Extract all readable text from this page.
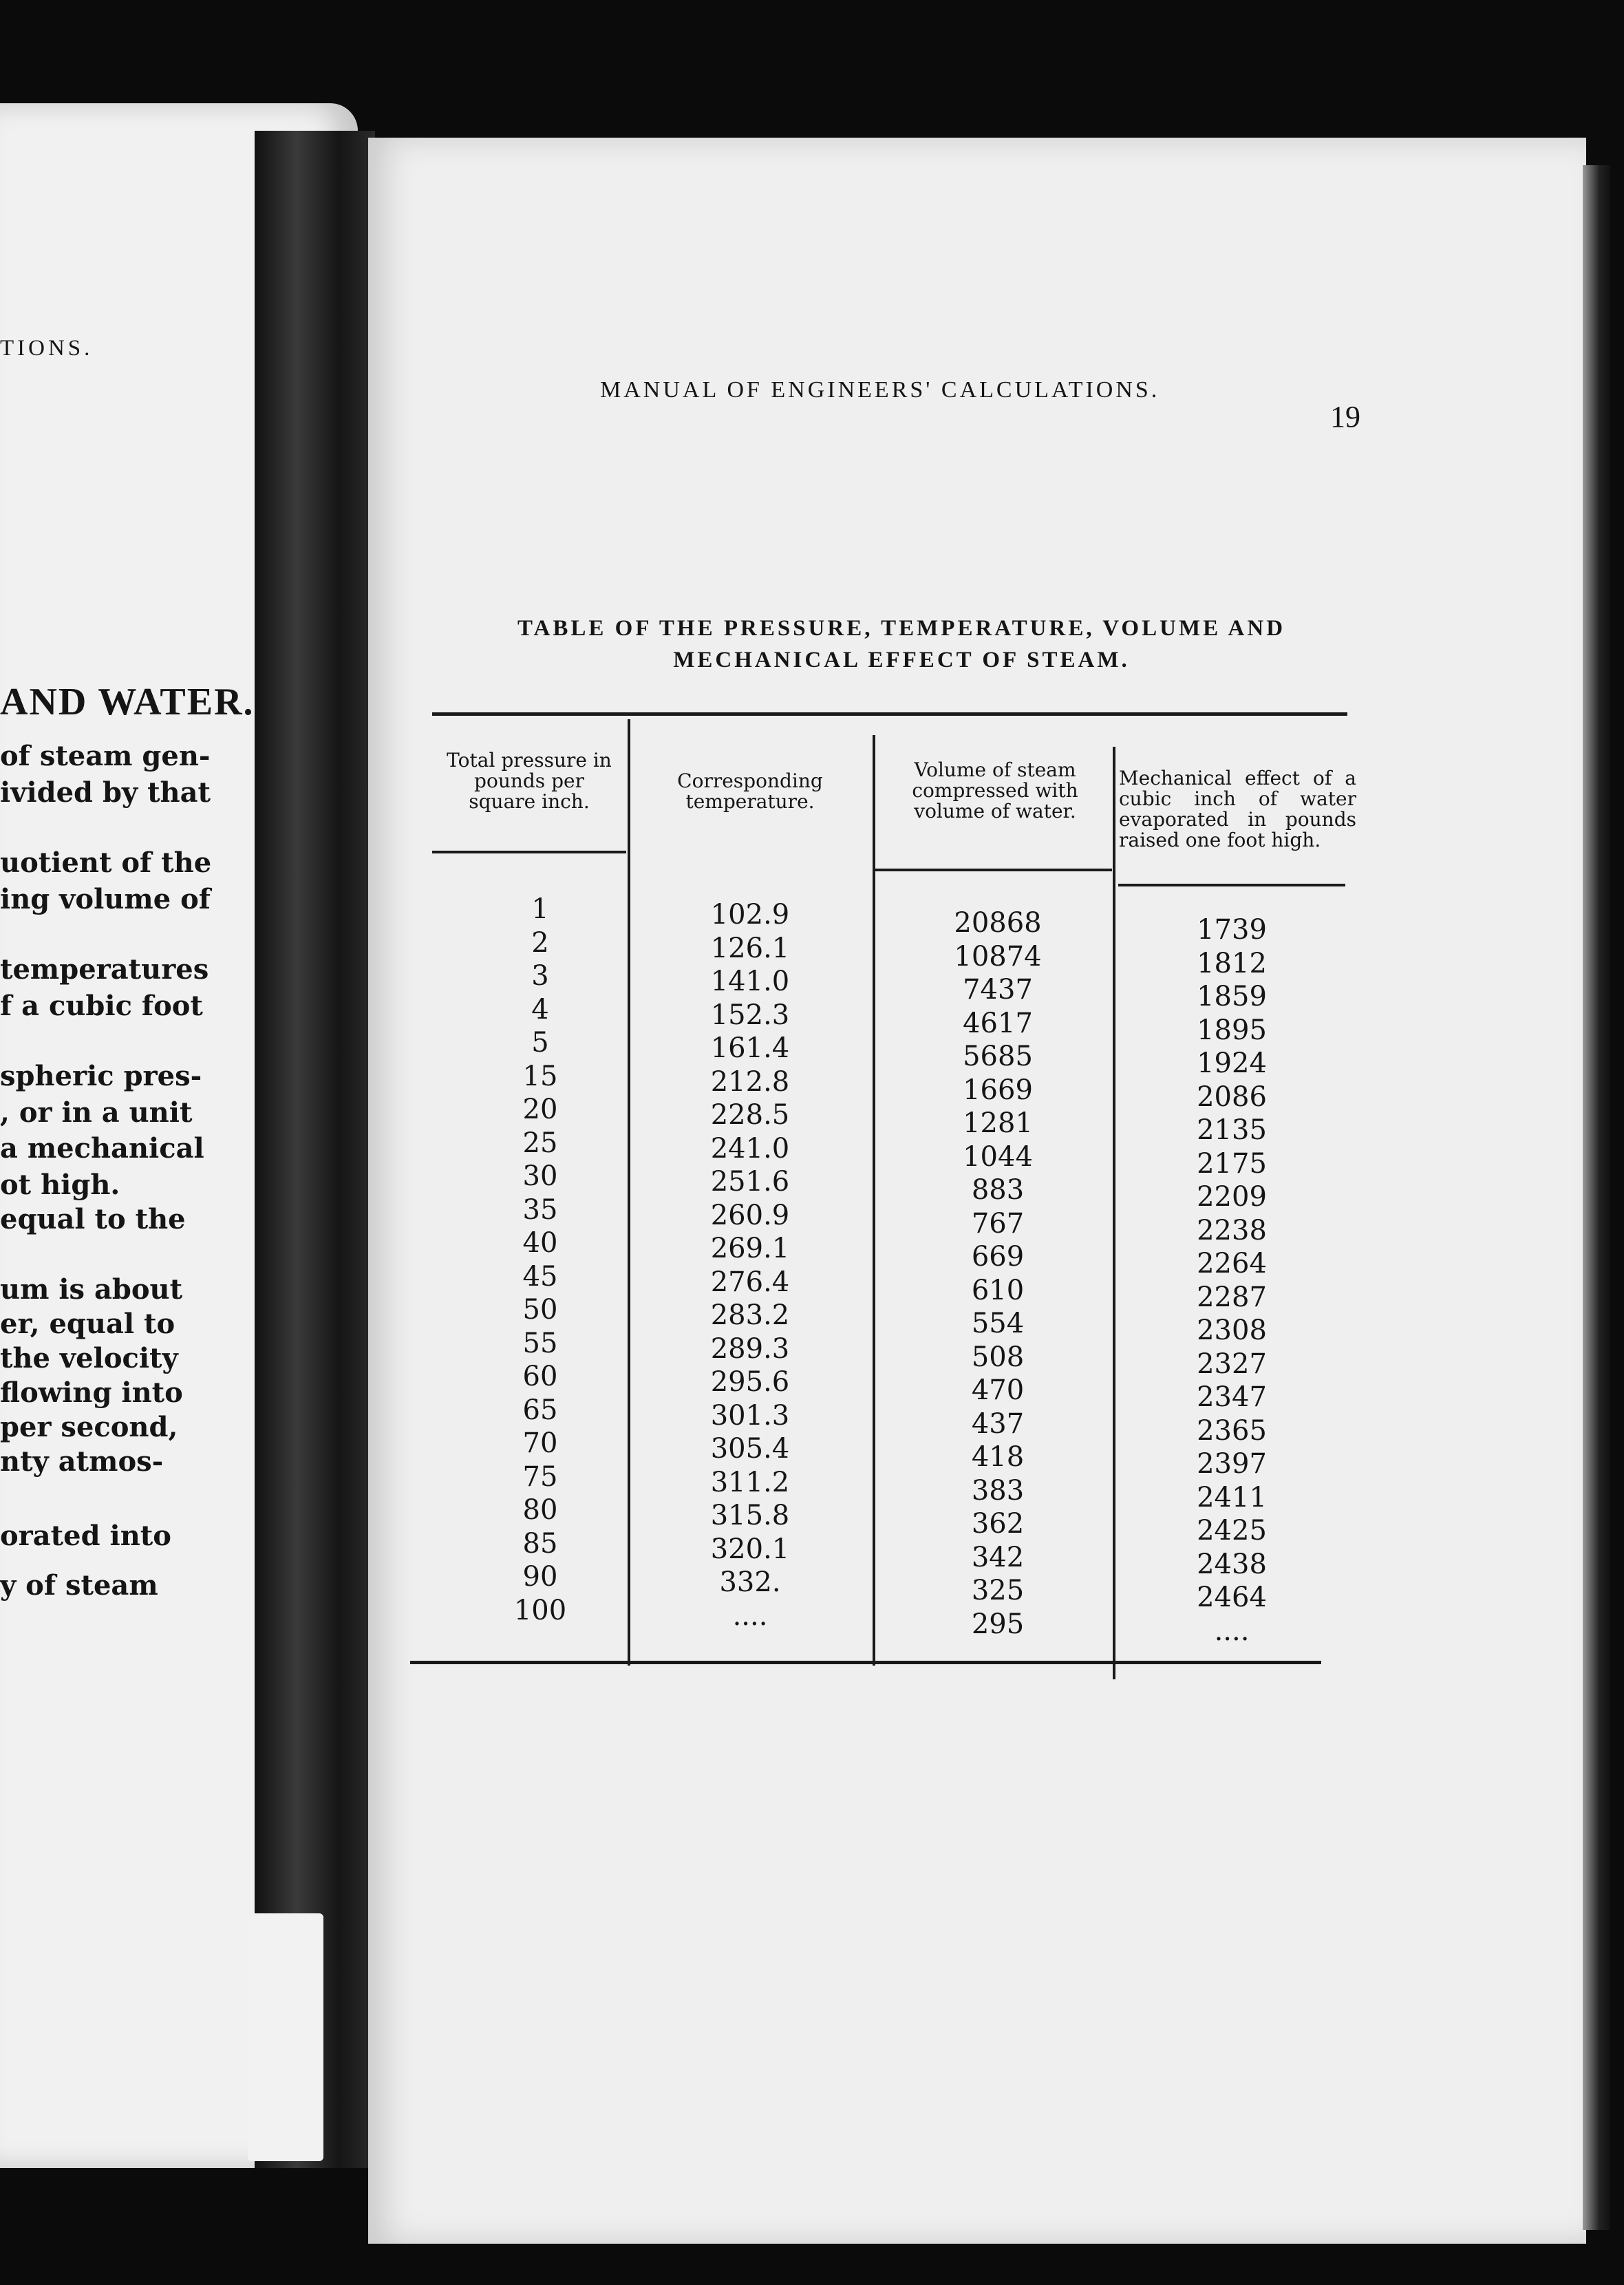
TIONS.
AND WATER.
of steam gen-
ivided by that
uotient of the
ing volume of
temperatures
f a cubic foot
spheric pres-
, or in a unit
a mechanical
ot high.
equal to the
um is about
er, equal to
the velocity
flowing into
per second,
nty atmos-
orated into
y of steam
MANUAL OF ENGINEERS' CALCULATIONS.
19
TABLE OF THE PRESSURE, TEMPERATURE, VOLUME AND
MECHANICAL EFFECT OF STEAM.
Total pressure in pounds per square inch.
Corresponding temperature.
Volume of steam compressed with volume of water.
Mechanical effect of a cubic inch of water evaporated in pounds raised one foot high.
1
2
3
4
5
15
20
25
30
35
40
45
50
55
60
65
70
75
80
85
90
100
102.9
126.1
141.0
152.3
161.4
212.8
228.5
241.0
251.6
260.9
269.1
276.4
283.2
289.3
295.6
301.3
305.4
311.2
315.8
320.1
332.
....
20868
10874
7437
4617
5685
1669
1281
1044
883
767
669
610
554
508
470
437
418
383
362
342
325
295
1739
1812
1859
1895
1924
2086
2135
2175
2209
2238
2264
2287
2308
2327
2347
2365
2397
2411
2425
2438
2464
....
